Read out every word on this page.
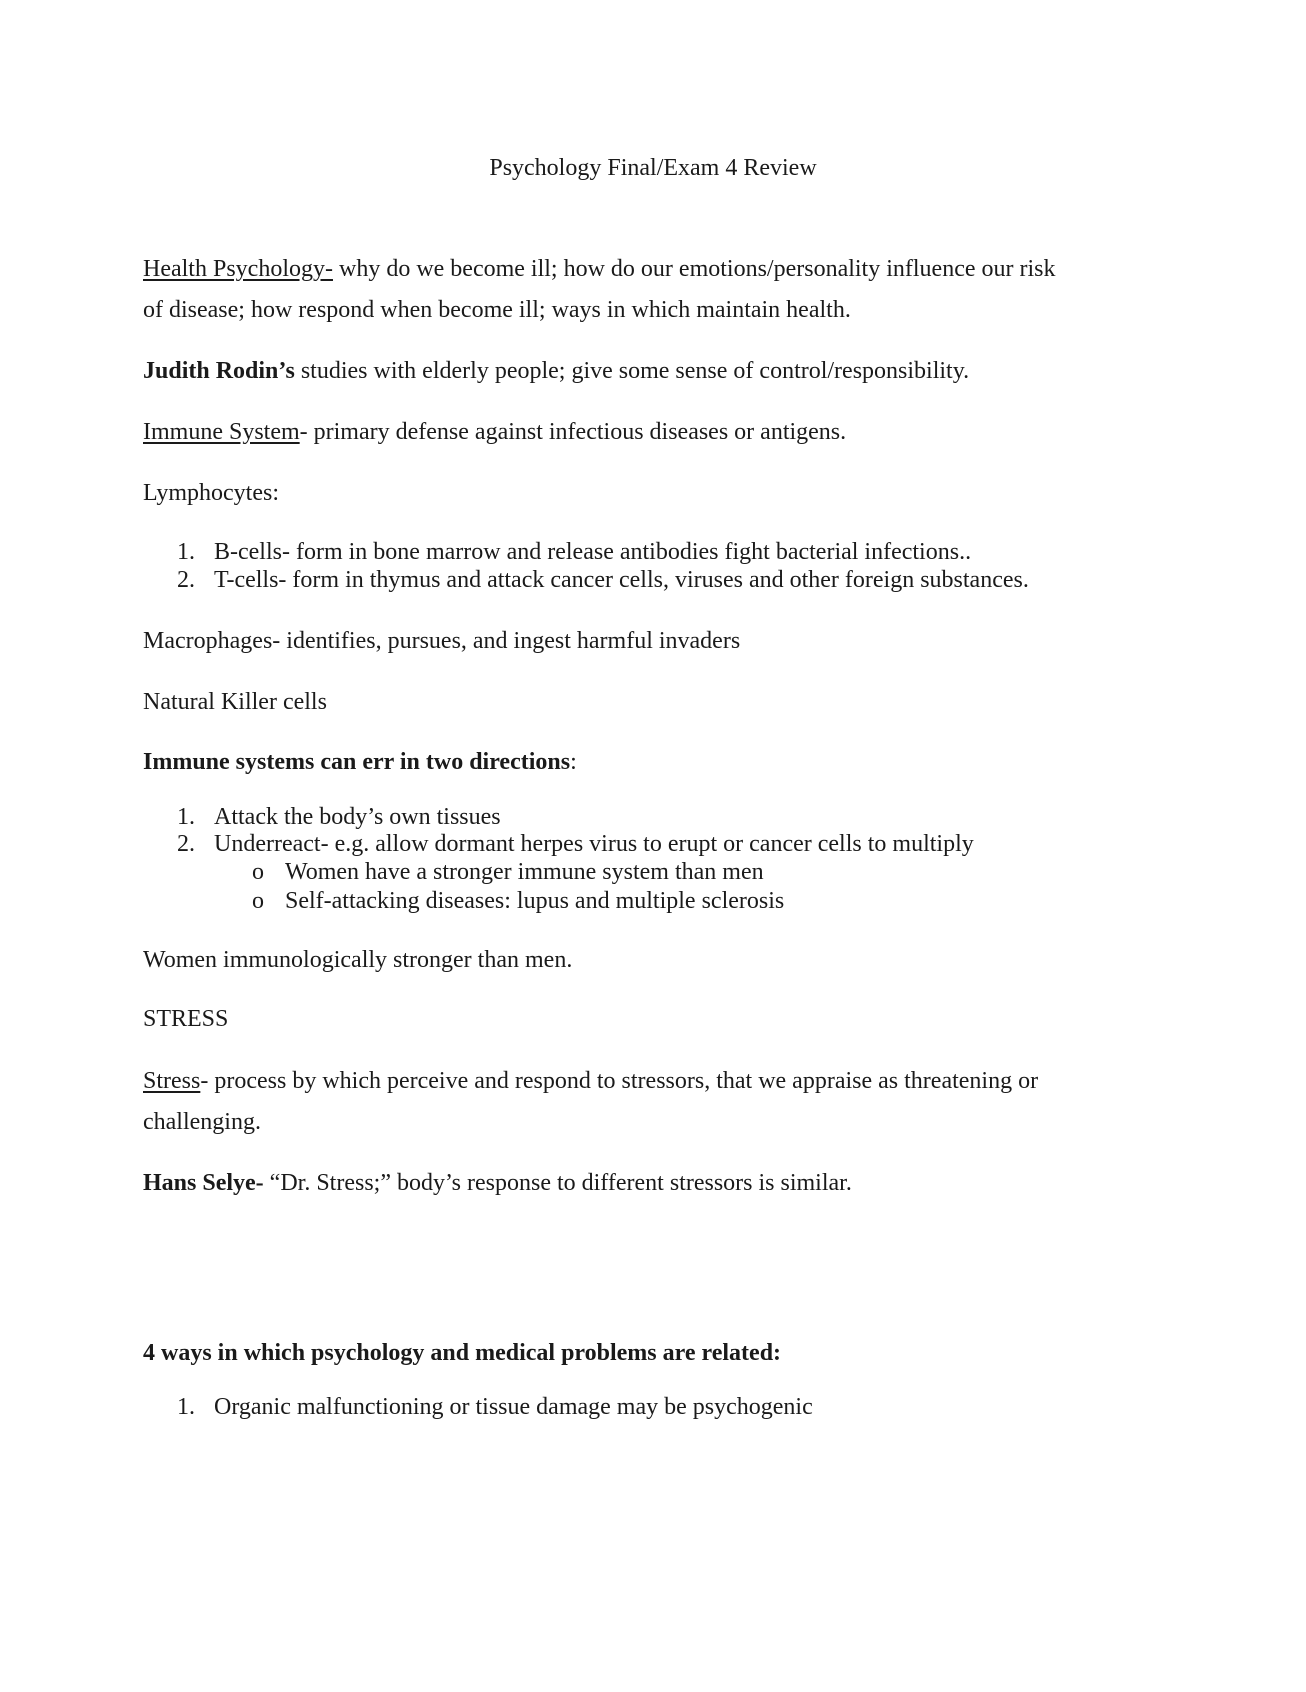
Psychology Final/Exam 4 Review
Health Psychology- why do we become ill; how do our emotions/personality influence our risk
of disease; how respond when become ill; ways in which maintain health.
Judith Rodin’s studies with elderly people; give some sense of control/responsibility.
Immune System- primary defense against infectious diseases or antigens.
Lymphocytes:
1. B-cells- form in bone marrow and release antibodies fight bacterial infections..
2. T-cells- form in thymus and attack cancer cells, viruses and other foreign substances.
Macrophages- identifies, pursues, and ingest harmful invaders
Natural Killer cells
Immune systems can err in two directions:
1. Attack the body’s own tissues
2. Underreact- e.g. allow dormant herpes virus to erupt or cancer cells to multiply
o Women have a stronger immune system than men
o Self-attacking diseases: lupus and multiple sclerosis
Women immunologically stronger than men.
STRESS
Stress- process by which perceive and respond to stressors, that we appraise as threatening or
challenging.
Hans Selye- “Dr. Stress;” body’s response to different stressors is similar.
4 ways in which psychology and medical problems are related:
1. Organic malfunctioning or tissue damage may be psychogenic
